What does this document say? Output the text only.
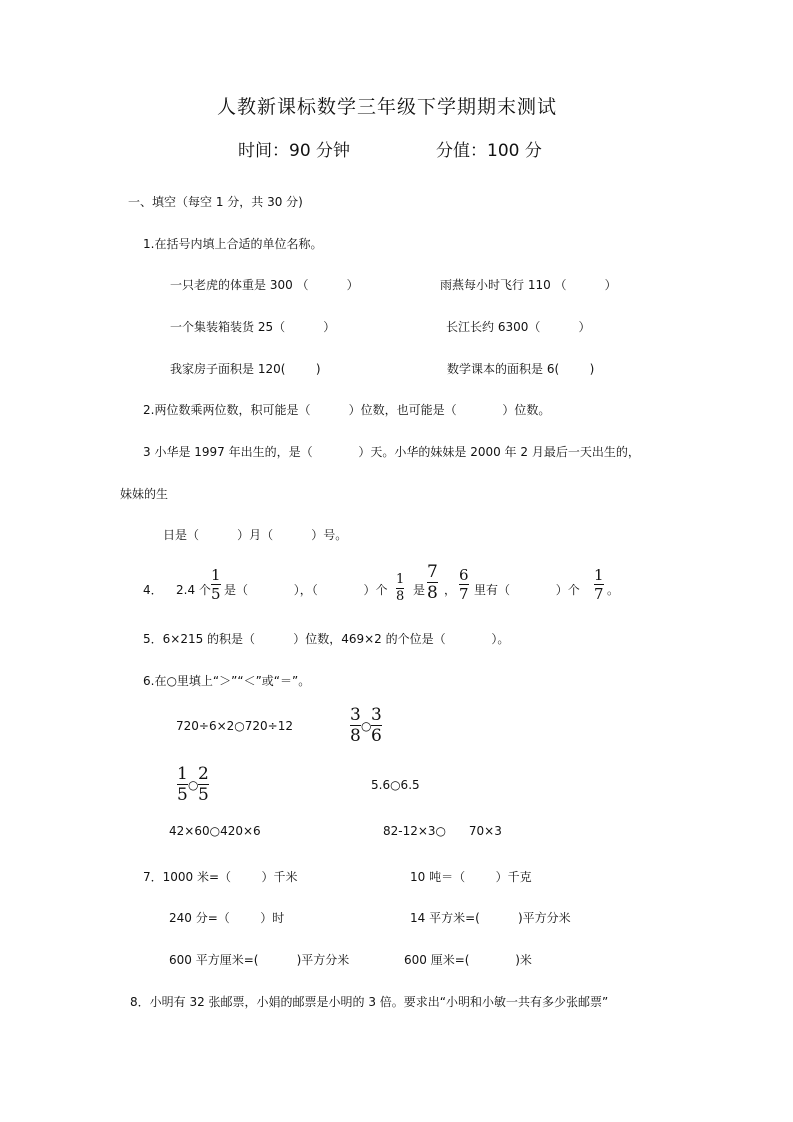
人教新课标数学三年级下学期期末测试
时间：90 分钟	分值：100 分
一、填空（每空 1 分，共 30 分)
1.在括号内填上合适的单位名称。
一只老虎的体重是 300 （          ）	雨燕每小时飞行 110 （          ）
一个集装箱装货 25（          ）	长江长约 6300（          ）
我家房子面积是 120(        )	数学课本的面积是 6(        )
2.两位数乘两位数，积可能是（          ）位数，也可能是（            ）位数。
3 小华是 1997 年出生的，是（            ）天。小华的妹妹是 2000 年 2 月最后一天出生的，
妹妹的生
日是（          ）月（          ）号。
4． 2.4 个
1
5 是（            ），（            ）个
1
8 是
7
8 ，
6
7 里有（            ）个
1
7 。
5．6×215 的积是（          ）位数，469×2 的个位是（            ）。
6.在○里填上“＞”“＜”或“＝”。
720÷6×2○720÷12
3
8 ○
3
6
1
5 ○
2
5	5.6○6.5
42×60○420×6	82-12×3○      70×3
7．1000 米=（        ）千米	10 吨＝（        ）千克
240 分=（        ）时	14 平方米=(          )平方分米
600 平方厘米=(          )平方分米	600 厘米=(            )米
8．小明有 32 张邮票，小娟的邮票是小明的 3 倍。要求出“小明和小敏一共有多少张邮票”
